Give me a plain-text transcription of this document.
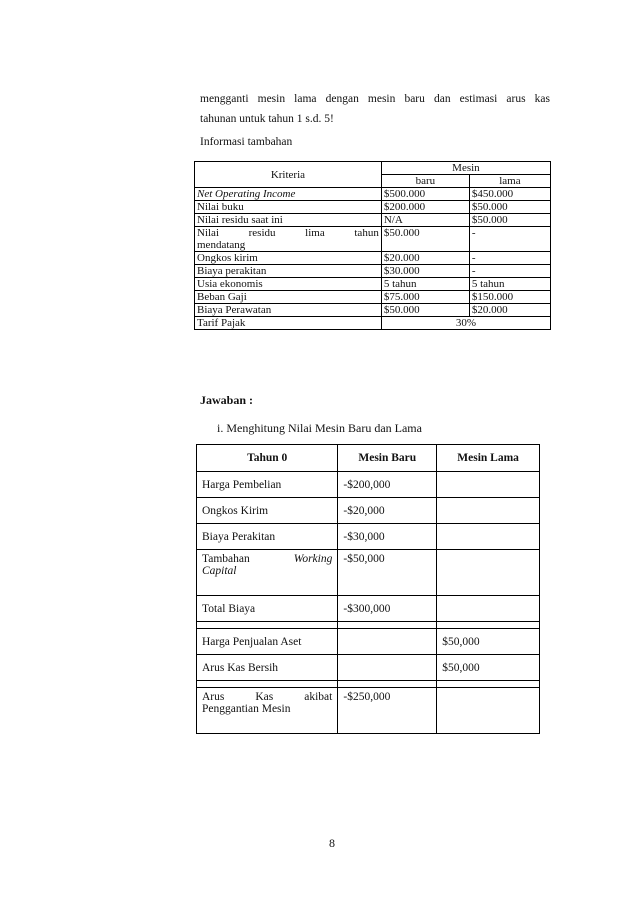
mengganti mesin lama dengan mesin baru dan estimasi arus kas
tahunan untuk tahun 1 s.d. 5!
Informasi tambahan
Kriteria	Mesin	
	baru	lama
Net Operating Income	$500.000	$450.000
Nilai buku	$200.000	$50.000
Nilai residu saat ini	N/A	$50.000

Nilai residu lima tahun
mendatang	$50.000	-
Ongkos kirim	$20.000	-
Biaya perakitan	$30.000	-
Usia ekonomis	5 tahun	5 tahun
Beban Gaji	$75.000	$150.000
Biaya Perawatan	$50.000	$20.000
Tarif Pajak	30%	
Jawaban :
i. Menghitung Nilai Mesin Baru dan Lama
Tahun 0	Mesin Baru	Mesin Lama
Harga Pembelian	-$200,000	
Ongkos Kirim	-$20,000	
Biaya Perakitan	-$30,000	

Tambahan Working
Capital	-$50,000	
Total Biaya	-$300,000	

Harga Penjualan Aset		$50,000
Arus Kas Bersih		$50,000

Arus Kas akibat
Penggantian Mesin	-$250,000	
8
